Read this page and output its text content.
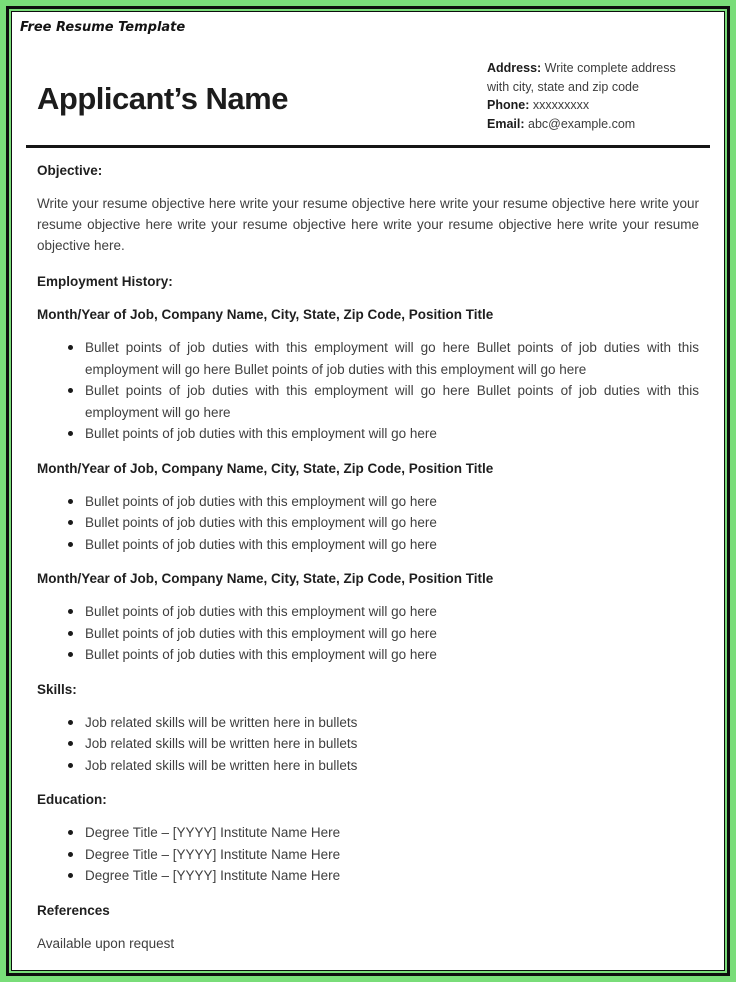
Free Resume Template
Applicant’s Name
Address: Write complete address with city, state and zip code
Phone: xxxxxxxxx
Email: abc@example.com
Objective:

Write your resume objective here write your resume objective here write your resume objective here write your resume objective here write your resume objective here write your resume objective here write your resume objective here.

Employment History:
Month/Year of Job, Company Name, City, State, Zip Code, Position Title
Bullet points of job duties with this employment will go here Bullet points of job duties with this employment will go here Bullet points of job duties with this employment will go here
Bullet points of job duties with this employment will go here Bullet points of job duties with this employment will go here
Bullet points of job duties with this employment will go here
Month/Year of Job, Company Name, City, State, Zip Code, Position Title
Bullet points of job duties with this employment will go here
Bullet points of job duties with this employment will go here
Bullet points of job duties with this employment will go here
Month/Year of Job, Company Name, City, State, Zip Code, Position Title
Bullet points of job duties with this employment will go here
Bullet points of job duties with this employment will go here
Bullet points of job duties with this employment will go here
Skills:
Job related skills will be written here in bullets
Job related skills will be written here in bullets
Job related skills will be written here in bullets
Education:
Degree Title – [YYYY] Institute Name Here
Degree Title – [YYYY] Institute Name Here
Degree Title – [YYYY] Institute Name Here
References

Available upon request
